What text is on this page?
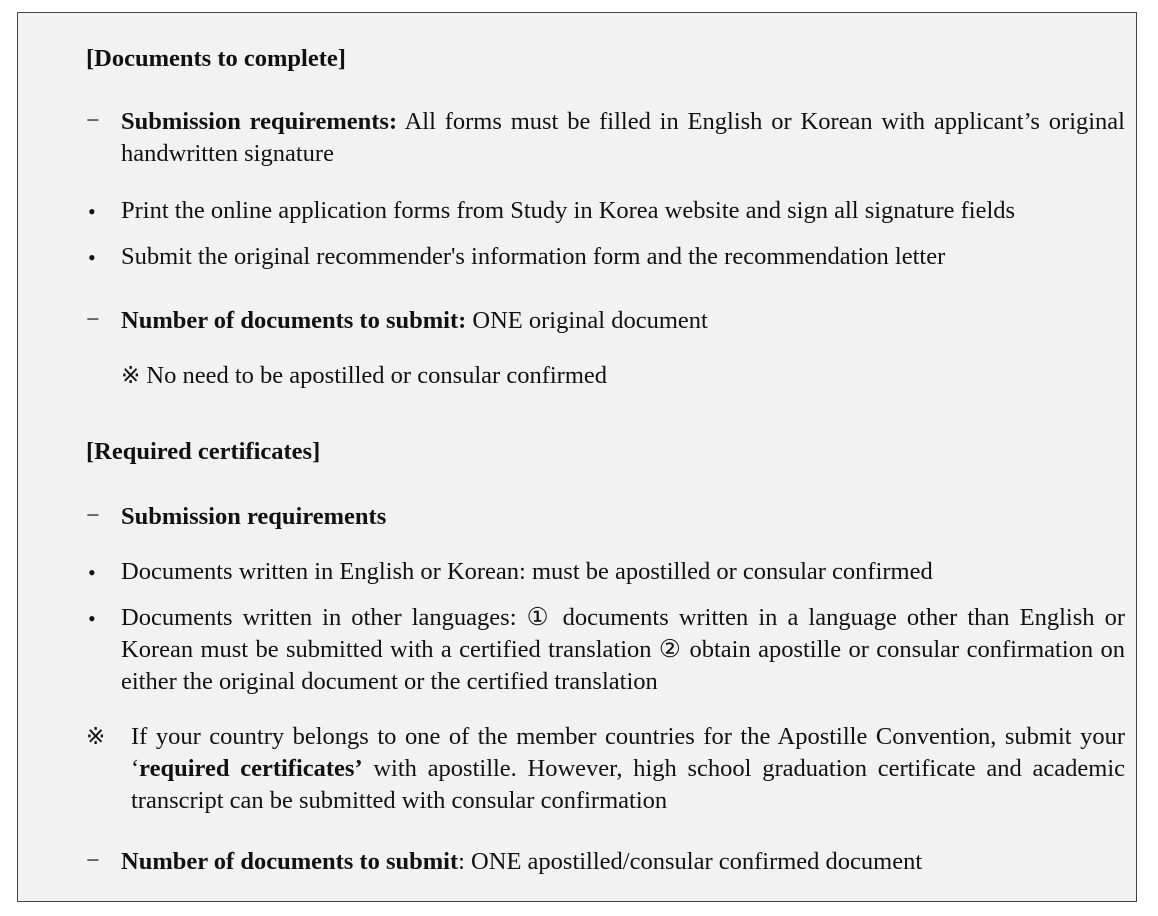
[Documents to complete]
− Submission requirements: All forms must be filled in English or Korean with applicant’s original handwritten signature
• Print the online application forms from Study in Korea website and sign all signature fields
• Submit the original recommender's information form and the recommendation letter
− Number of documents to submit: ONE original document
※ No need to be apostilled or consular confirmed
[Required certificates]
− Submission requirements
• Documents written in English or Korean: must be apostilled or consular confirmed
• Documents written in other languages: ① documents written in a language other than English or Korean must be submitted with a certified translation ② obtain apostille or consular confirmation on either the original document or the certified translation
※ If your country belongs to one of the member countries for the Apostille Convention, submit your ‘required certificates’ with apostille. However, high school graduation certificate and academic transcript can be submitted with consular confirmation
− Number of documents to submit: ONE apostilled/consular confirmed document
